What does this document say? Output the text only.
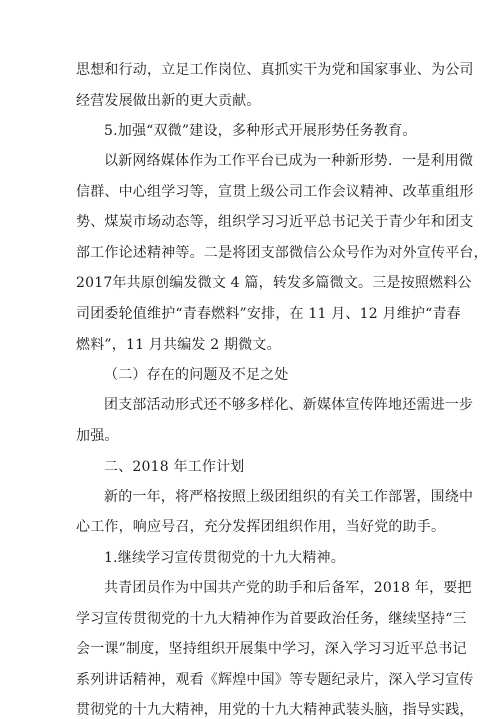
思想和行动，立足工作岗位、真抓实干为党和国家事业、为公司
经营发展做出新的更大贡献。
5.加强“双微”建设，多种形式开展形势任务教育。
以新网络媒体作为工作平台已成为一种新形势．一是利用微
信群、中心组学习等，宣贯上级公司工作会议精神、改革重组形
势、煤炭市场动态等，组织学习习近平总书记关于青少年和团支
部工作论述精神等。二是将团支部微信公众号作为对外宣传平台，
2017年共原创编发微文 4 篇，转发多篇微文。三是按照燃料公
司团委轮值维护“青春燃料”安排，在 11 月、12 月维护“青春
燃料”，11 月共编发 2 期微文。
（二）存在的问题及不足之处
团支部活动形式还不够多样化、新媒体宣传阵地还需进一步
加强。
二、2018 年工作计划
新的一年，将严格按照上级团组织的有关工作部署，围绕中
心工作，响应号召，充分发挥团组织作用，当好党的助手。
1.继续学习宣传贯彻党的十九大精神。
共青团员作为中国共产党的助手和后备军，2018 年，要把
学习宣传贯彻党的十九大精神作为首要政治任务，继续坚持“三
会一课”制度，坚持组织开展集中学习，深入学习习近平总书记
系列讲话精神，观看《辉煌中国》等专题纪录片，深入学习宣传
贯彻党的十九大精神，用党的十九大精神武装头脑，指导实践，
